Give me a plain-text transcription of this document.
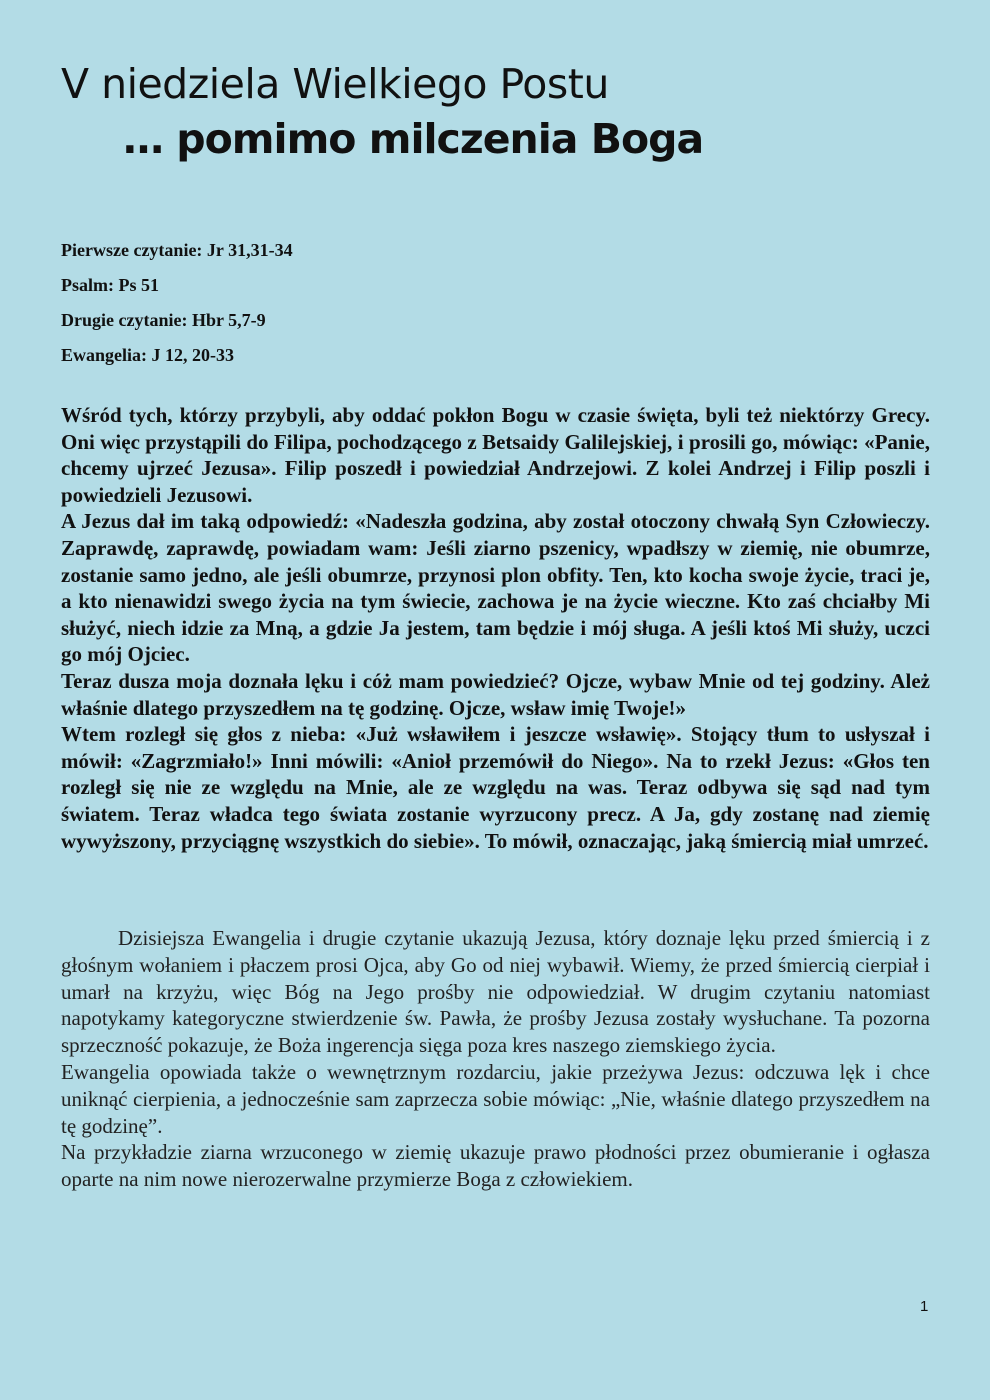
V niedziela Wielkiego Postu
… pomimo milczenia Boga
Pierwsze czytanie: Jr 31,31-34
Psalm: Ps 51
Drugie czytanie: Hbr 5,7-9
Ewangelia: J 12, 20-33

Wśród tych, którzy przybyli, aby oddać pokłon Bogu w czasie święta, byli też niektórzy Grecy. Oni więc przystąpili do Filipa, pochodzącego z Betsaidy Galilejskiej, i prosili go, mówiąc: «Panie, chcemy ujrzeć Jezusa». Filip poszedł i powiedział Andrzejowi. Z kolei Andrzej i Filip poszli i powiedzieli Jezusowi.

A Jezus dał im taką odpowiedź: «Nadeszła godzina, aby został otoczony chwałą Syn Człowieczy. Zaprawdę, zaprawdę, powiadam wam: Jeśli ziarno pszenicy, wpadłszy w ziemię, nie obumrze, zostanie samo jedno, ale jeśli obumrze, przynosi plon obfity. Ten, kto kocha swoje życie, traci je, a kto nienawidzi swego życia na tym świecie, zachowa je na życie wieczne. Kto zaś chciałby Mi służyć, niech idzie za Mną, a gdzie Ja jestem, tam będzie i mój sługa. A jeśli ktoś Mi służy, uczci go mój Ojciec.

Teraz dusza moja doznała lęku i cóż mam powiedzieć? Ojcze, wybaw Mnie od tej godziny. Ależ właśnie dlatego przyszedłem na tę godzinę. Ojcze, wsław imię Twoje!»

Wtem rozległ się głos z nieba: «Już wsławiłem i jeszcze wsławię». Stojący tłum to usłyszał i mówił: «Zagrzmiało!» Inni mówili: «Anioł przemówił do Niego». Na to rzekł Jezus: «Głos ten rozległ się nie ze względu na Mnie, ale ze względu na was. Teraz odbywa się sąd nad tym światem. Teraz władca tego świata zostanie wyrzucony precz. A Ja, gdy zostanę nad ziemię wywyższony, przyciągnę wszystkich do siebie». To mówił, oznaczając, jaką śmiercią miał umrzeć.

Dzisiejsza Ewangelia i drugie czytanie ukazują Jezusa, który doznaje lęku przed śmiercią i z głośnym wołaniem i płaczem prosi Ojca, aby Go od niej wybawił. Wiemy, że przed śmiercią cierpiał i umarł na krzyżu, więc Bóg na Jego prośby nie odpowiedział. W drugim czytaniu natomiast napotykamy kategoryczne stwierdzenie św. Pawła, że prośby Jezusa zostały wysłuchane. Ta pozorna sprzeczność pokazuje, że Boża ingerencja sięga poza kres naszego ziemskiego życia.

Ewangelia opowiada także o wewnętrznym rozdarciu, jakie przeżywa Jezus: odczuwa lęk i chce uniknąć cierpienia, a jednocześnie sam zaprzecza sobie mówiąc: „Nie, właśnie dlatego przyszedłem na tę godzinę”.

Na przykładzie ziarna wrzuconego w ziemię ukazuje prawo płodności przez obumieranie i ogłasza oparte na nim nowe nierozerwalne przymierze Boga z człowiekiem.

1
